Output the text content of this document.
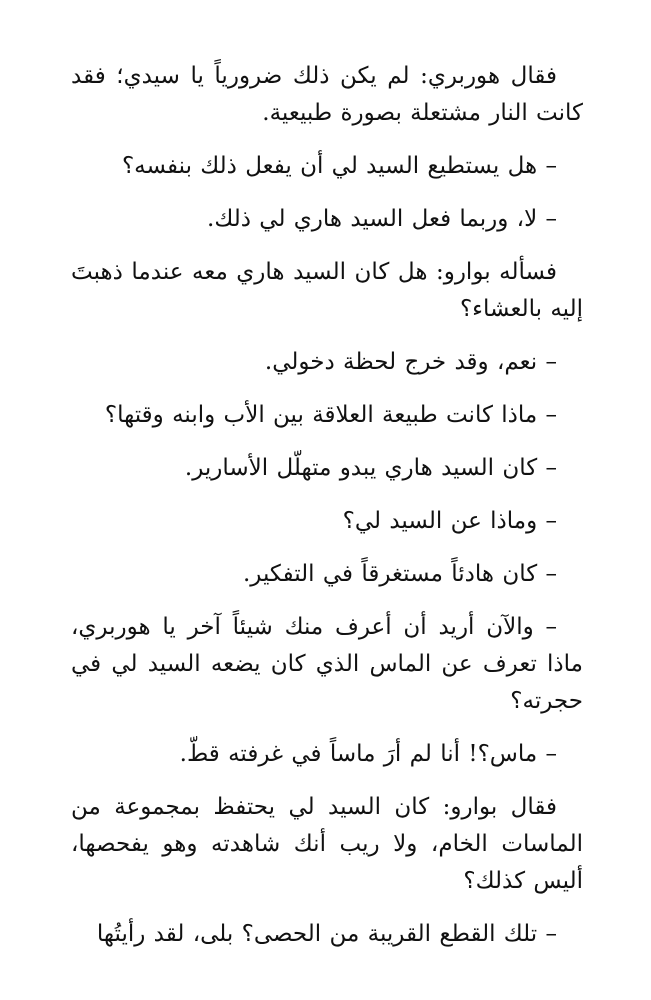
فقال هوربري: لم يكن ذلك ضرورياً يا سيدي؛ فقد كانت النار مشتعلة بصورة طبيعية.

– هل يستطيع السيد لي أن يفعل ذلك بنفسه؟

– لا، وربما فعل السيد هاري لي ذلك.

فسأله بوارو: هل كان السيد هاري معه عندما ذهبتَ إليه بالعشاء؟

– نعم، وقد خرج لحظة دخولي.

– ماذا كانت طبيعة العلاقة بين الأب وابنه وقتها؟

– كان السيد هاري يبدو متهلّل الأسارير.

– وماذا عن السيد لي؟

– كان هادئاً مستغرقاً في التفكير.

– والآن أريد أن أعرف منك شيئاً آخر يا هوربري، ماذا تعرف عن الماس الذي كان يضعه السيد لي في حجرته؟

– ماس؟! أنا لم أرَ ماساً في غرفته قطّ.

فقال بوارو: كان السيد لي يحتفظ بمجموعة من الماسات الخام، ولا ريب أنك شاهدته وهو يفحصها، أليس كذلك؟

– تلك القطع القريبة من الحصى؟ بلى، لقد رأيتُها
